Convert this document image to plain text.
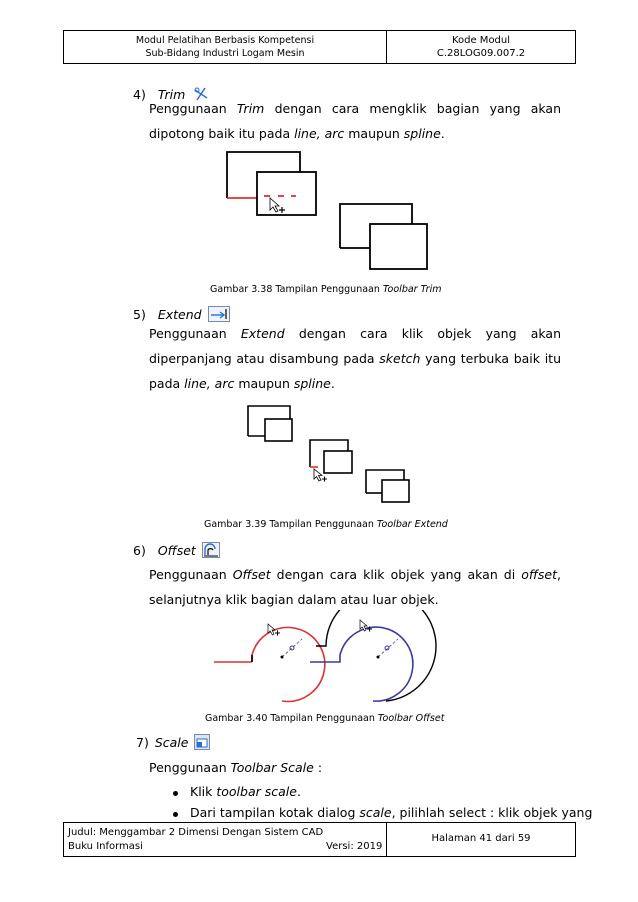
Modul Pelatihan Berbasis Kompetensi
Sub-Bidang Industri Logam Mesin
Kode Modul
C.28LOG09.007.2
4) Trim
Penggunaan Trim dengan cara mengklik bagian yang akan dipotong baik itu pada line, arc maupun spline.
Gambar 3.38 Tampilan Penggunaan Toolbar Trim
5) Extend
Penggunaan Extend dengan cara klik objek yang akan diperpanjang atau disambung pada sketch yang terbuka baik itu pada line, arc maupun spline.
Gambar 3.39 Tampilan Penggunaan Toolbar Extend
6) Offset
Penggunaan Offset dengan cara klik objek yang akan di offset, selanjutnya klik bagian dalam atau luar objek.
Gambar 3.40 Tampilan Penggunaan Toolbar Offset
7) Scale
Penggunaan Toolbar Scale :
Klik toolbar scale.
Dari tampilan kotak dialog scale, pilihlah select : klik objek yang
Judul: Menggambar 2 Dimensi Dengan Sistem CAD
Buku Informasi	Versi: 2019
Halaman 41 dari 59
